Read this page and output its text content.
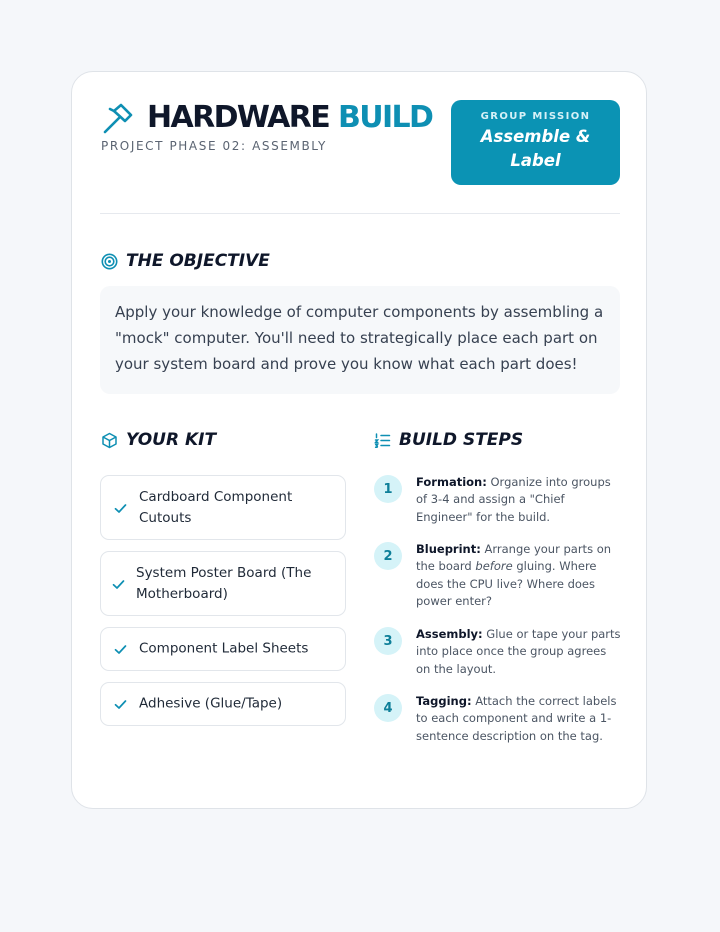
HARDWARE BUILD
PROJECT PHASE 02: ASSEMBLY
GROUP MISSION
Assemble & Label
THE OBJECTIVE
Apply your knowledge of computer components by assembling a "mock" computer. You'll need to strategically place each part on your system board and prove you know what each part does!
YOUR KIT	BUILD STEPS
Cardboard Component Cutouts
System Poster Board (The Motherboard)
Component Label Sheets
Adhesive (Glue/Tape)
1	Formation: Organize into groups of 3-4 and assign a "Chief Engineer" for the build.
2	Blueprint: Arrange your parts on the board before gluing. Where does the CPU live? Where does power enter?
3	Assembly: Glue or tape your parts into place once the group agrees on the layout.
4	Tagging: Attach the correct labels to each component and write a 1-sentence description on the tag.
